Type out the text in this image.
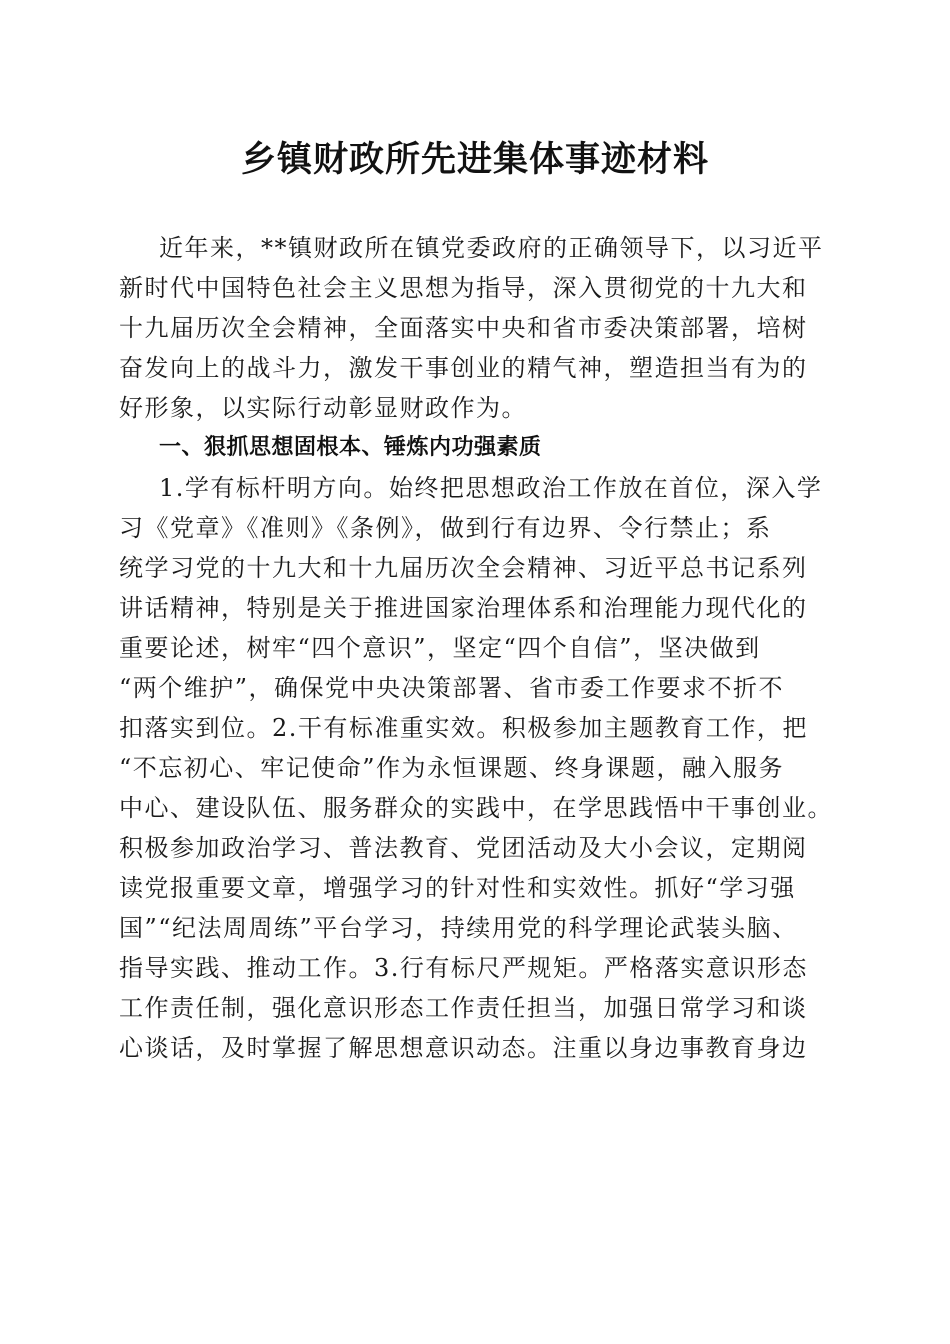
乡镇财政所先进集体事迹材料
近年来，**镇财政所在镇党委政府的正确领导下，以习近平
新时代中国特色社会主义思想为指导，深入贯彻党的十九大和
十九届历次全会精神，全面落实中央和省市委决策部署，培树
奋发向上的战斗力，激发干事创业的精气神，塑造担当有为的
好形象，以实际行动彰显财政作为。
一、狠抓思想固根本、锤炼内功强素质
1.学有标杆明方向。始终把思想政治工作放在首位，深入学
习《党章》《准则》《条例》，做到行有边界、令行禁止；系
统学习党的十九大和十九届历次全会精神、习近平总书记系列
讲话精神，特别是关于推进国家治理体系和治理能力现代化的
重要论述，树牢“四个意识”，坚定“四个自信”，坚决做到
“两个维护”，确保党中央决策部署、省市委工作要求不折不
扣落实到位。2.干有标准重实效。积极参加主题教育工作，把
“不忘初心、牢记使命”作为永恒课题、终身课题，融入服务
中心、建设队伍、服务群众的实践中，在学思践悟中干事创业。
积极参加政治学习、普法教育、党团活动及大小会议，定期阅
读党报重要文章，增强学习的针对性和实效性。抓好“学习强
国”“纪法周周练”平台学习，持续用党的科学理论武装头脑、
指导实践、推动工作。3.行有标尺严规矩。严格落实意识形态
工作责任制，强化意识形态工作责任担当，加强日常学习和谈
心谈话，及时掌握了解思想意识动态。注重以身边事教育身边
